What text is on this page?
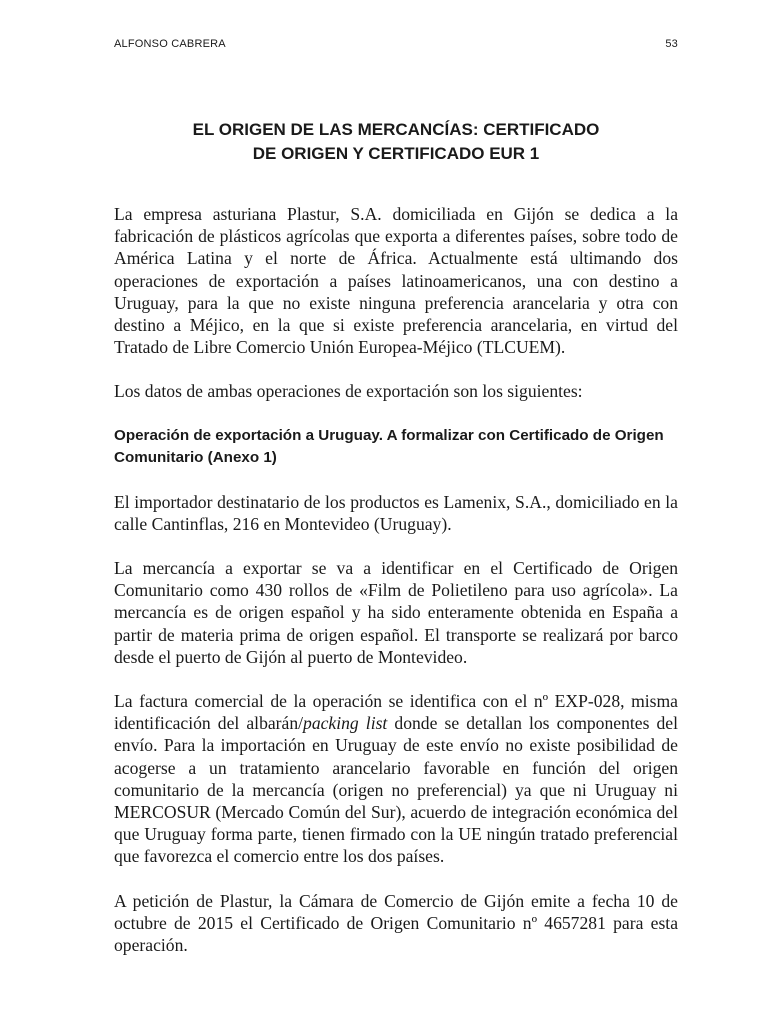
ALFONSO CABRERA	53
EL ORIGEN DE LAS MERCANCÍAS: CERTIFICADO
DE ORIGEN Y CERTIFICADO EUR 1

La empresa asturiana Plastur, S.A. domiciliada en Gijón se dedica a la fabricación de plásticos agrícolas que exporta a diferentes países, sobre todo de América Latina y el norte de África. Actualmente está ultimando dos operaciones de exportación a países latinoamericanos, una con destino a Uruguay, para la que no existe ninguna preferencia arancelaria y otra con destino a Méjico, en la que si existe preferencia arancelaria, en virtud del Tratado de Libre Comercio Unión Europea-Méjico (TLCUEM).

Los datos de ambas operaciones de exportación son los siguientes:

Operación de exportación a Uruguay. A formalizar con Certificado de Origen Comunitario (Anexo 1)

El importador destinatario de los productos es Lamenix, S.A., domiciliado en la calle Cantinflas, 216 en Montevideo (Uruguay).

La mercancía a exportar se va a identificar en el Certificado de Origen Comunitario como 430 rollos de «Film de Polietileno para uso agrícola». La mercancía es de origen español y ha sido enteramente obtenida en España a partir de materia prima de origen español. El transporte se realizará por barco desde el puerto de Gijón al puerto de Montevideo.

La factura comercial de la operación se identifica con el nº EXP-028, misma identificación del albarán/packing list donde se detallan los componentes del envío. Para la importación en Uruguay de este envío no existe posibilidad de acogerse a un tratamiento arancelario favorable en función del origen comunitario de la mercancía (origen no preferencial) ya que ni Uruguay ni MERCOSUR (Mercado Común del Sur), acuerdo de integración económica del que Uruguay forma parte, tienen firmado con la UE ningún tratado preferencial que favorezca el comercio entre los dos países.

A petición de Plastur, la Cámara de Comercio de Gijón emite a fecha 10 de octubre de 2015 el Certificado de Origen Comunitario nº 4657281 para esta operación.
